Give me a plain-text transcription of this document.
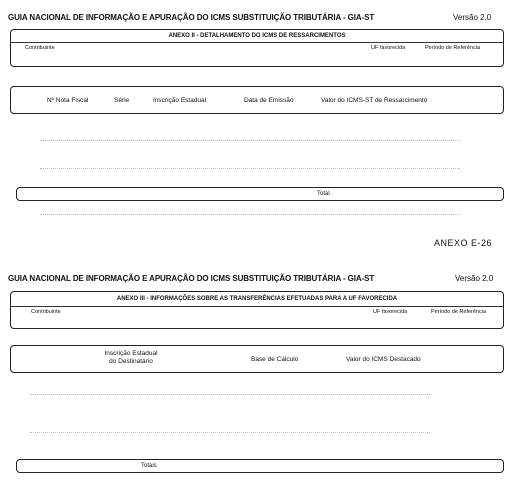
GUIA NACIONAL DE INFORMAÇÃO E APURAÇÃO DO ICMS SUBSTITUIÇÃO TRIBUTÁRIA - GIA-ST	Versão 2.0
ANEXO II - DETALHAMENTO DO ICMS DE RESSARCIMENTOS
Contribuinte	UF favorecida	Período de Referência
Nº Nota Fiscal	Série	Inscrição Estadual	Data de Emissão	Valor do ICMS-ST de Ressarcimento
Total
ANEXO E-26
GUIA NACIONAL DE INFORMAÇÃO E APURAÇÃO DO ICMS SUBSTITUIÇÃO TRIBUTÁRIA - GIA-ST	Versão 2.0
ANEXO III - INFORMAÇÕES SOBRE AS TRANSFERÊNCIAS EFETUADAS PARA A UF FAVORECIDA
Contribuinte	UF favorecida	Período de Referência
Inscrição Estadual
do Destinatário	Base de Cálculo	Valor do ICMS Destacado
Totais
